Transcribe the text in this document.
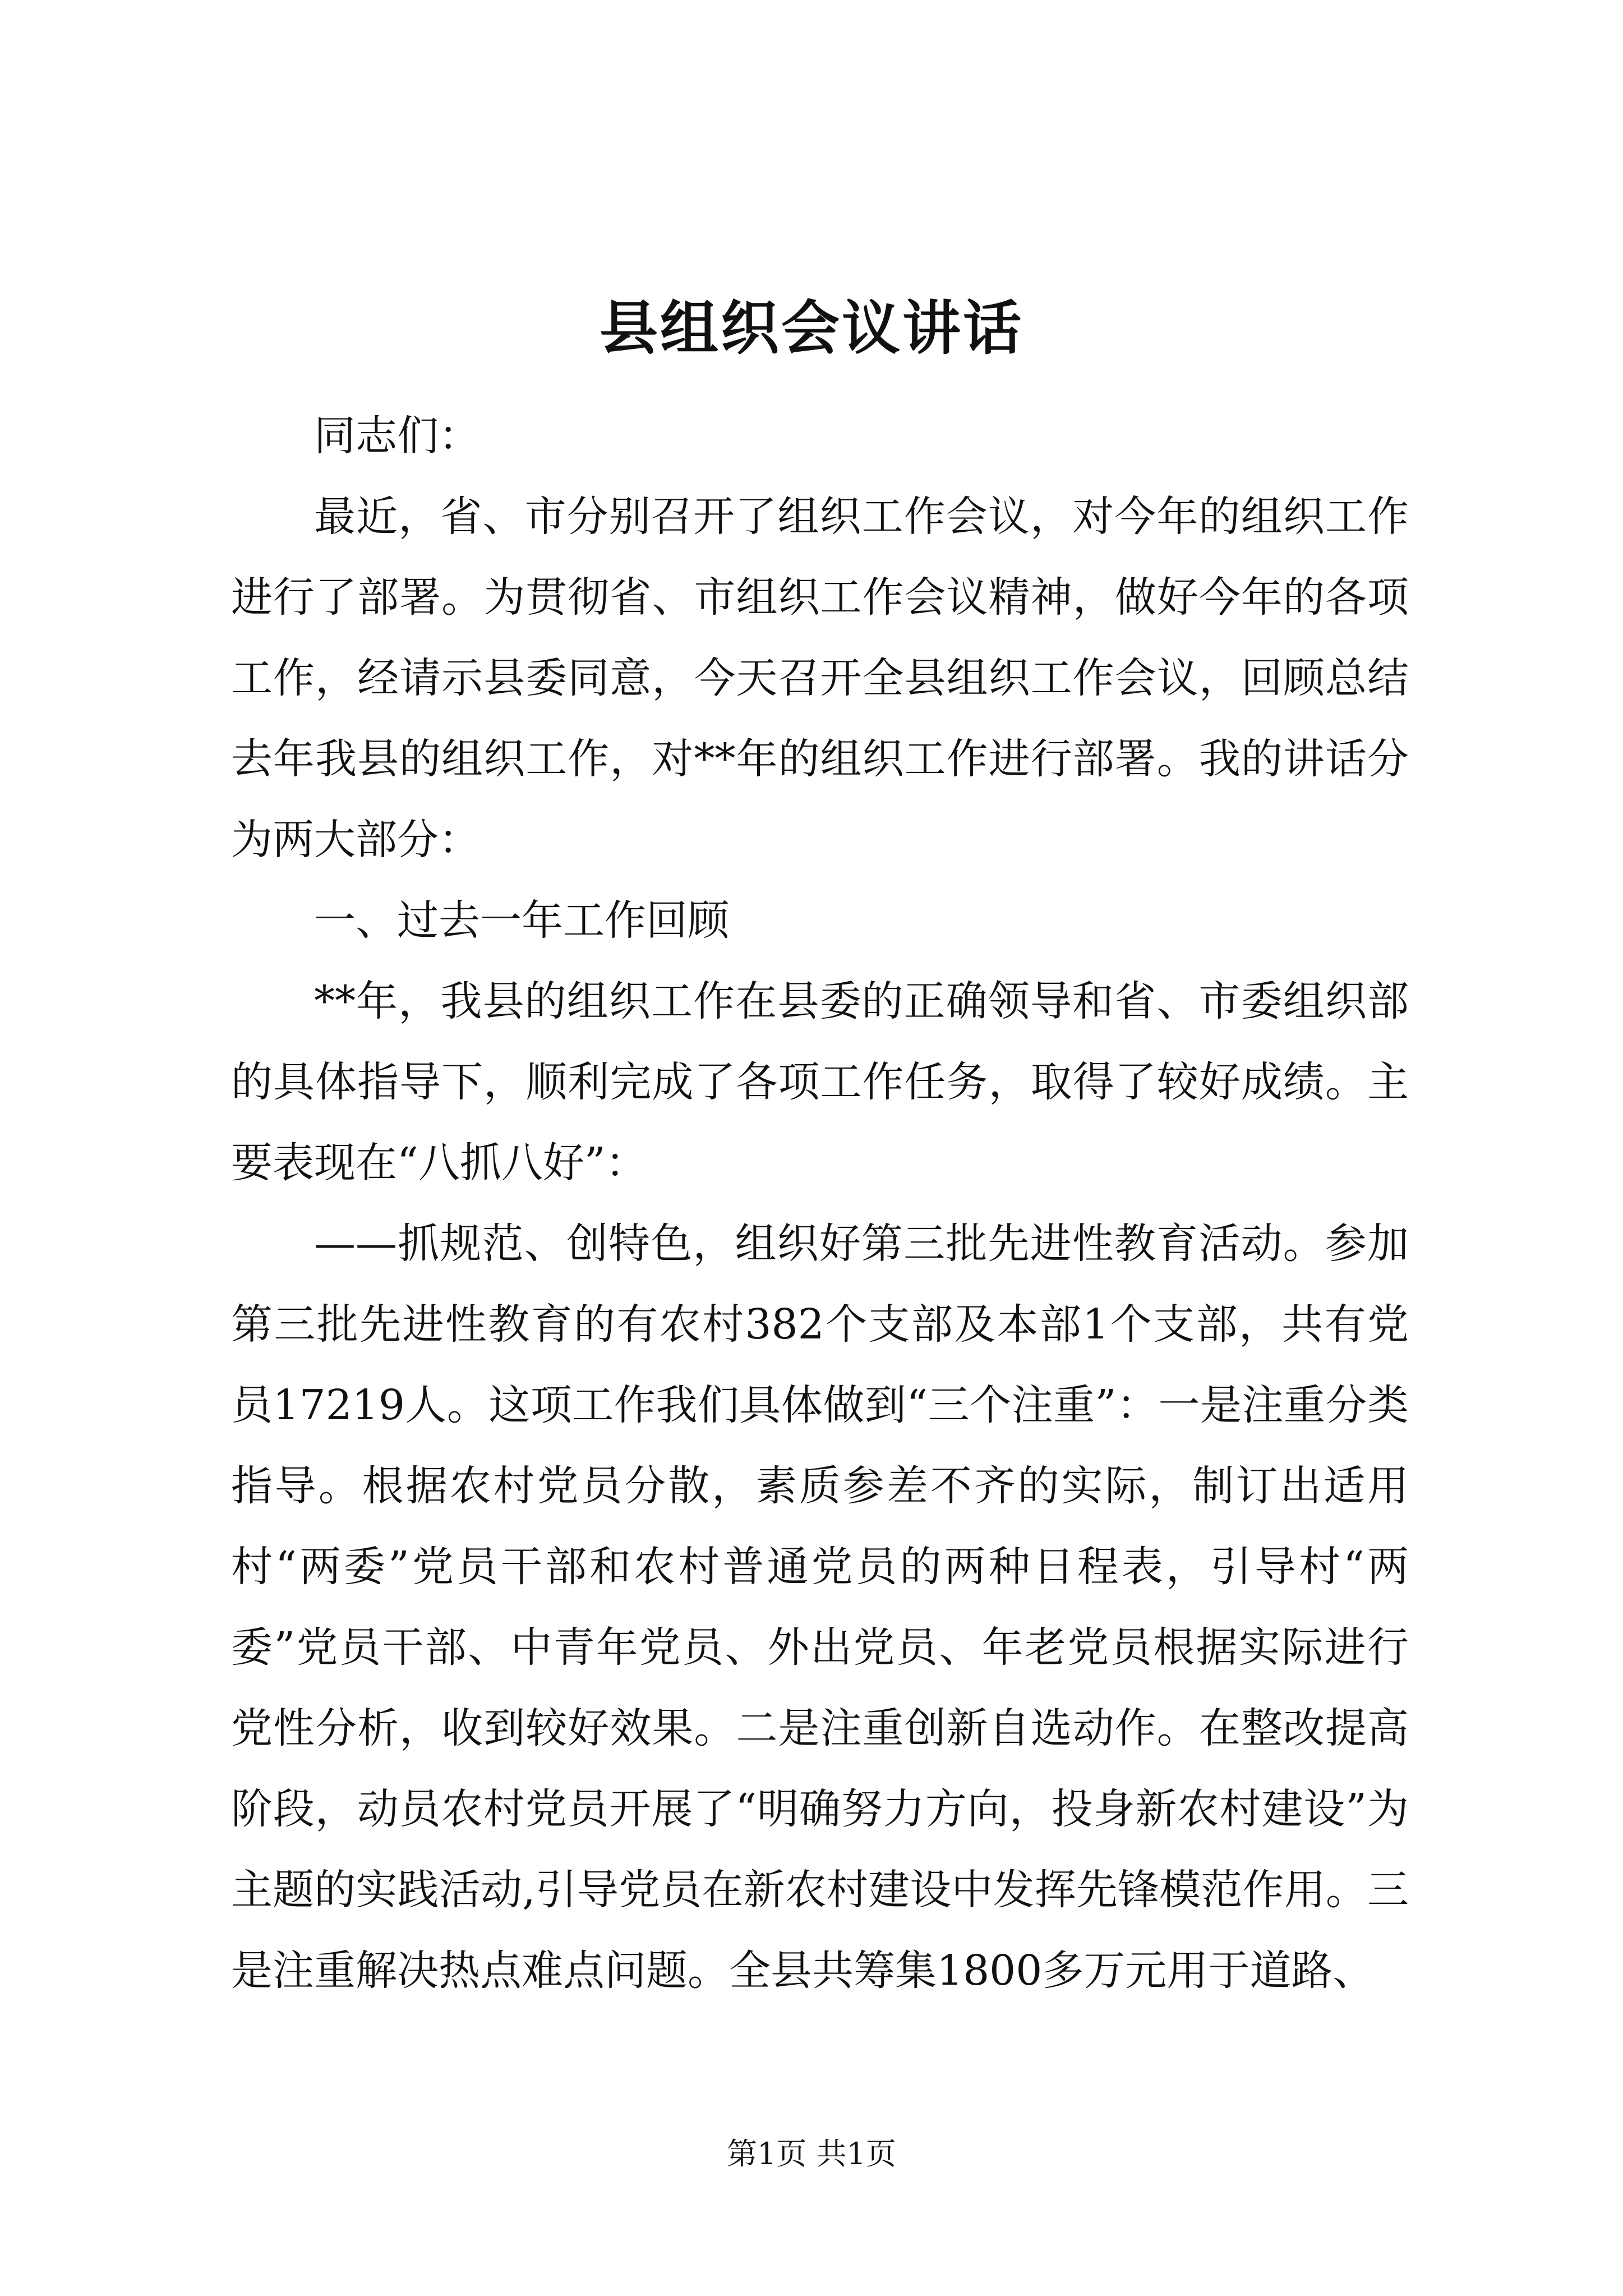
县组织会议讲话

同志们：

最近，省、市分别召开了组织工作会议，对今年的组织工作进行了部署。为贯彻省、市组织工作会议精神，做好今年的各项工作，经请示县委同意，今天召开全县组织工作会议，回顾总结去年我县的组织工作，对**年的组织工作进行部署。我的讲话分为两大部分：

一、过去一年工作回顾

**年，我县的组织工作在县委的正确领导和省、市委组织部的具体指导下，顺利完成了各项工作任务，取得了较好成绩。主要表现在“八抓八好”：

——抓规范、创特色，组织好第三批先进性教育活动。参加第三批先进性教育的有农村382个支部及本部1个支部，共有党员17219人。这项工作我们具体做到“三个注重”：一是注重分类指导。根据农村党员分散，素质参差不齐的实际，制订出适用村“两委”党员干部和农村普通党员的两种日程表，引导村“两委”党员干部、中青年党员、外出党员、年老党员根据实际进行党性分析，收到较好效果。二是注重创新自选动作。在整改提高阶段，动员农村党员开展了“明确努力方向，投身新农村建设”为主题的实践活动,引导党员在新农村建设中发挥先锋模范作用。三是注重解决热点难点问题。全县共筹集1800多万元用于道路、

第1页 共1页
